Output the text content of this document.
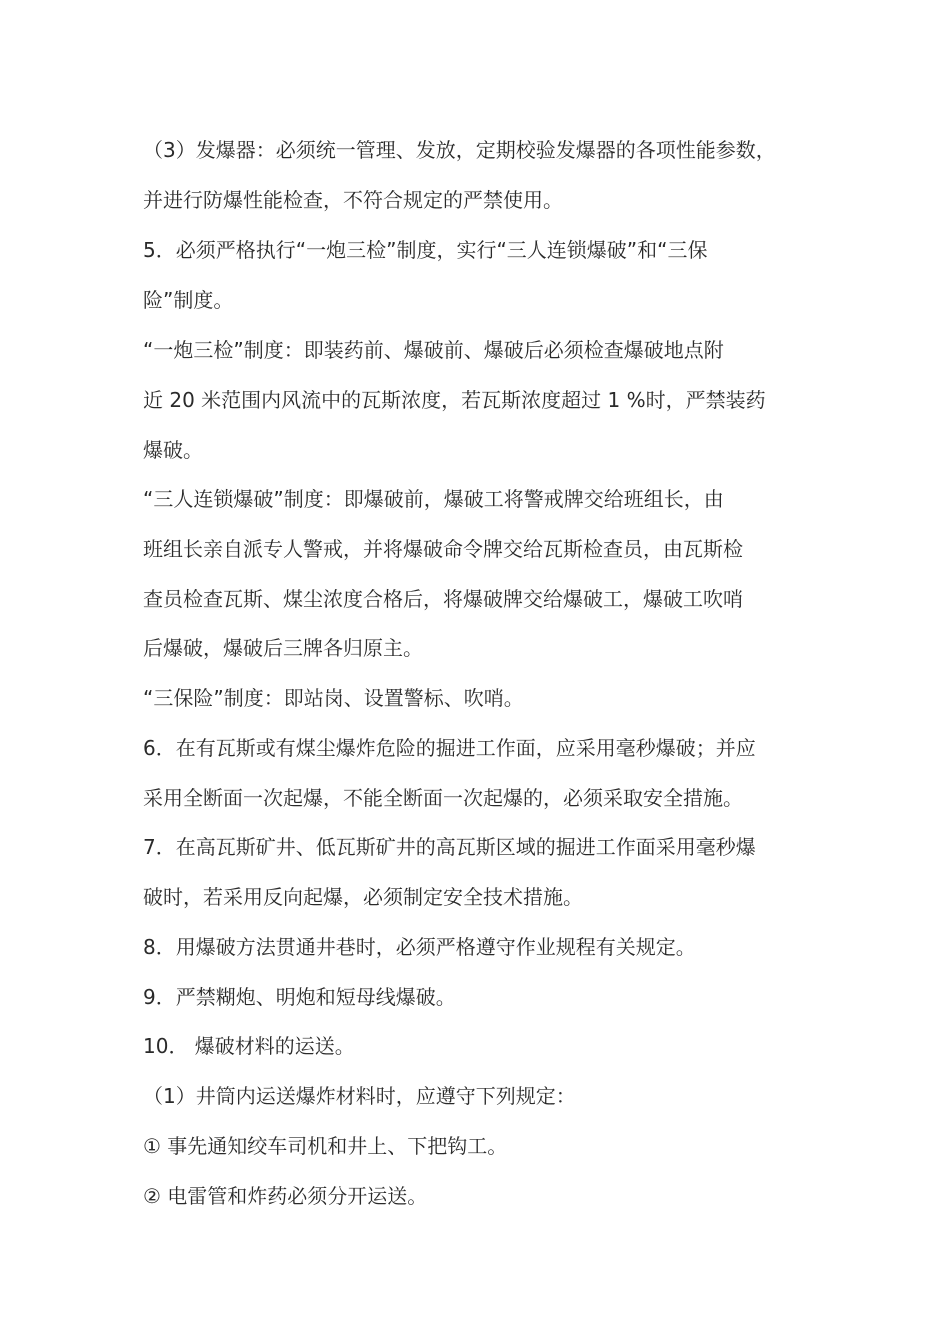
（3）发爆器：必须统一管理、发放，定期校验发爆器的各项性能参数，
并进行防爆性能检查，不符合规定的严禁使用。
5．必须严格执行“一炮三检”制度，实行“三人连锁爆破”和“三保
险”制度。
“一炮三检”制度：即装药前、爆破前、爆破后必须检查爆破地点附
近 20 米范围内风流中的瓦斯浓度，若瓦斯浓度超过 1 %时，严禁装药
爆破。
“三人连锁爆破”制度：即爆破前，爆破工将警戒牌交给班组长，由
班组长亲自派专人警戒，并将爆破命令牌交给瓦斯检查员，由瓦斯检
查员检查瓦斯、煤尘浓度合格后，将爆破牌交给爆破工，爆破工吹哨
后爆破，爆破后三牌各归原主。
“三保险”制度：即站岗、设置警标、吹哨。
6．在有瓦斯或有煤尘爆炸危险的掘进工作面，应采用毫秒爆破；并应
采用全断面一次起爆，不能全断面一次起爆的，必须采取安全措施。
7．在高瓦斯矿井、低瓦斯矿井的高瓦斯区域的掘进工作面采用毫秒爆
破时，若采用反向起爆，必须制定安全技术措施。
8．用爆破方法贯通井巷时，必须严格遵守作业规程有关规定。
9．严禁糊炮、明炮和短母线爆破。
10． 爆破材料的运送。
（1）井筒内运送爆炸材料时，应遵守下列规定：
① 事先通知绞车司机和井上、下把钩工。
② 电雷管和炸药必须分开运送。
